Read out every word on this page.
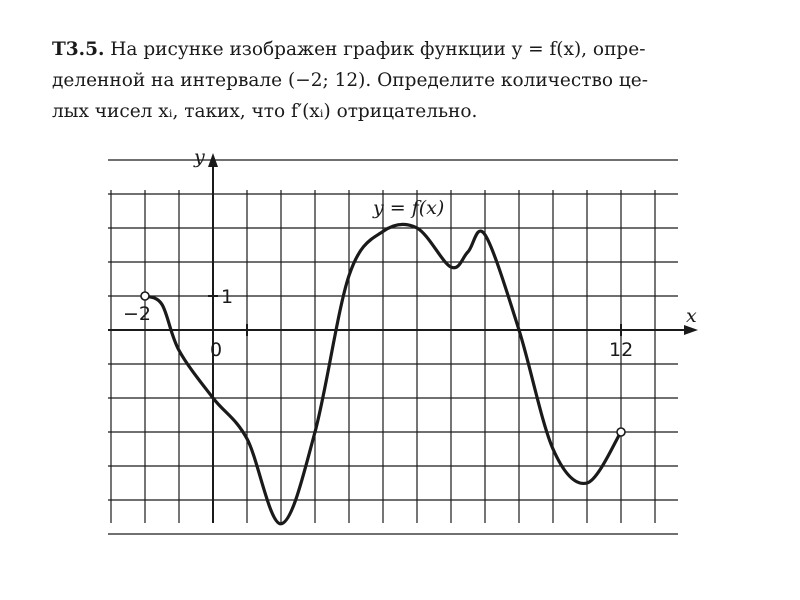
Т3.5. На рисунке изображен график функции y = f(x), опре-

деленной на интервале (−2; 12). Определите количество це-

лых чисел xᵢ, таких, что f′(xᵢ) отрицательно.

x
y
−2
0	12
1
y = f(x)
